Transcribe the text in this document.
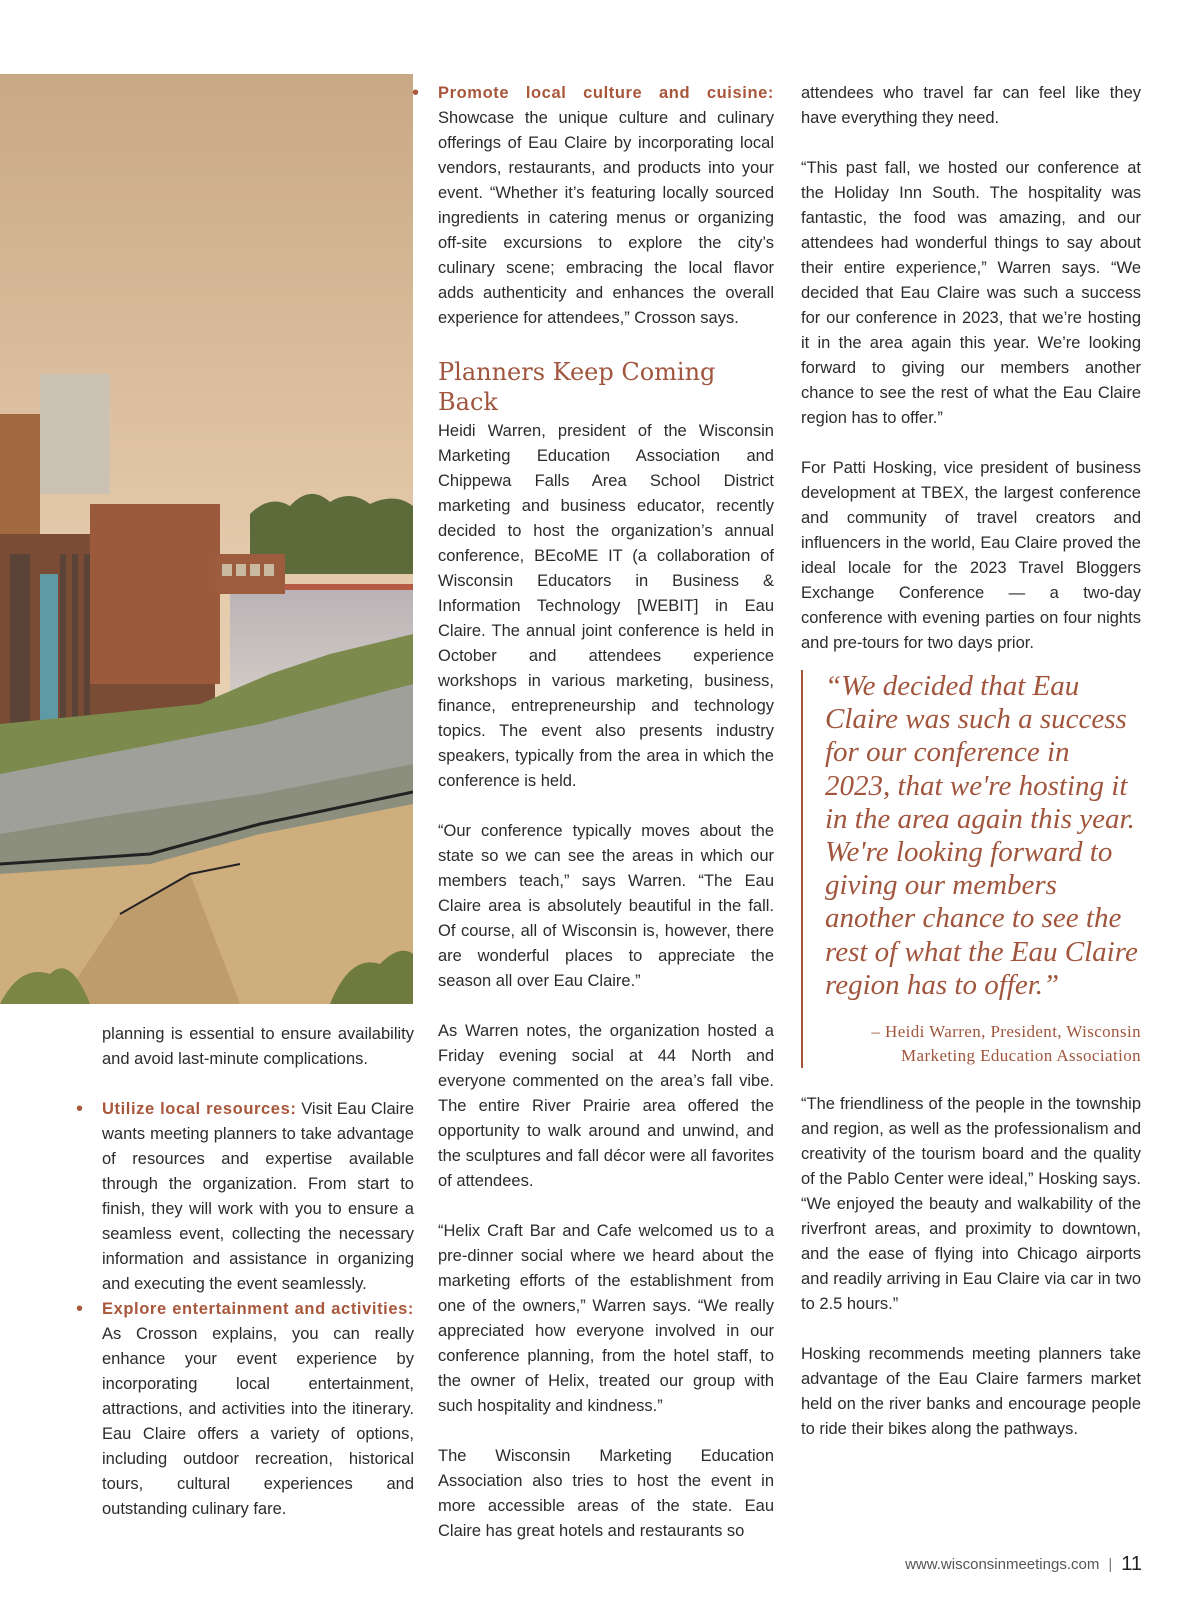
planning is essential to ensure availability and avoid last-minute complications.

• Utilize local resources: Visit Eau Claire wants meeting planners to take advantage of resources and expertise available through the organization. From start to finish, they will work with you to ensure a seamless event, collecting the necessary information and assistance in organizing and executing the event seamlessly.
• Explore entertainment and activities: As Crosson explains, you can really enhance your event experience by incorporating local entertainment, attractions, and activities into the itinerary. Eau Claire offers a variety of options, including outdoor recreation, historical tours, cultural experiences and outstanding culinary fare.
• Promote local culture and cuisine: Showcase the unique culture and culinary offerings of Eau Claire by incorporating local vendors, restaurants, and products into your event. “Whether it’s featuring locally sourced ingredients in catering menus or organizing off-site excursions to explore the city’s culinary scene; embracing the local flavor adds authenticity and enhances the overall experience for attendees,” Crosson says.
Planners Keep Coming Back

Heidi Warren, president of the Wisconsin Marketing Education Association and Chippewa Falls Area School District marketing and business educator, recently decided to host the organization’s annual conference, BEcoME IT (a collaboration of Wisconsin Educators in Business & Information Technology [WEBIT] in Eau Claire. The annual joint conference is held in October and attendees experience workshops in various marketing, business, finance, entrepreneurship and technology topics. The event also presents industry speakers, typically from the area in which the conference is held.

“Our conference typically moves about the state so we can see the areas in which our members teach,” says Warren. “The Eau Claire area is absolutely beautiful in the fall. Of course, all of Wisconsin is, however, there are wonderful places to appreciate the season all over Eau Claire.”

As Warren notes, the organization hosted a Friday evening social at 44 North and everyone commented on the area’s fall vibe. The entire River Prairie area offered the opportunity to walk around and unwind, and the sculptures and fall décor were all favorites of attendees.

“Helix Craft Bar and Cafe welcomed us to a pre-dinner social where we heard about the marketing efforts of the establishment from one of the owners,” Warren says. “We really appreciated how everyone involved in our conference planning, from the hotel staff, to the owner of Helix, treated our group with such hospitality and kindness.”

The Wisconsin Marketing Education Association also tries to host the event in more accessible areas of the state. Eau Claire has great hotels and restaurants so

attendees who travel far can feel like they have everything they need.

“This past fall, we hosted our conference at the Holiday Inn South. The hospitality was fantastic, the food was amazing, and our attendees had wonderful things to say about their entire experience,” Warren says. “We decided that Eau Claire was such a success for our conference in 2023, that we’re hosting it in the area again this year. We’re looking forward to giving our members another chance to see the rest of what the Eau Claire region has to offer.”

For Patti Hosking, vice president of business development at TBEX, the largest conference and community of travel creators and influencers in the world, Eau Claire proved the ideal locale for the 2023 Travel Bloggers Exchange Conference — a two-day conference with evening parties on four nights and pre-tours for two days prior.

“We decided that Eau Claire was such a success for our conference in 2023, that we're hosting it in the area again this year. We're looking forward to giving our members another chance to see the rest of what the Eau Claire region has to offer.”
– Heidi Warren, President, Wisconsin Marketing Education Association

“The friendliness of the people in the township and region, as well as the professionalism and creativity of the tourism board and the quality of the Pablo Center were ideal,” Hosking says. “We enjoyed the beauty and walkability of the riverfront areas, and proximity to downtown, and the ease of flying into Chicago airports and readily arriving in Eau Claire via car in two to 2.5 hours.”

Hosking recommends meeting planners take advantage of the Eau Claire farmers market held on the river banks and encourage people to ride their bikes along the pathways.

www.wisconsinmeetings.com | 11
